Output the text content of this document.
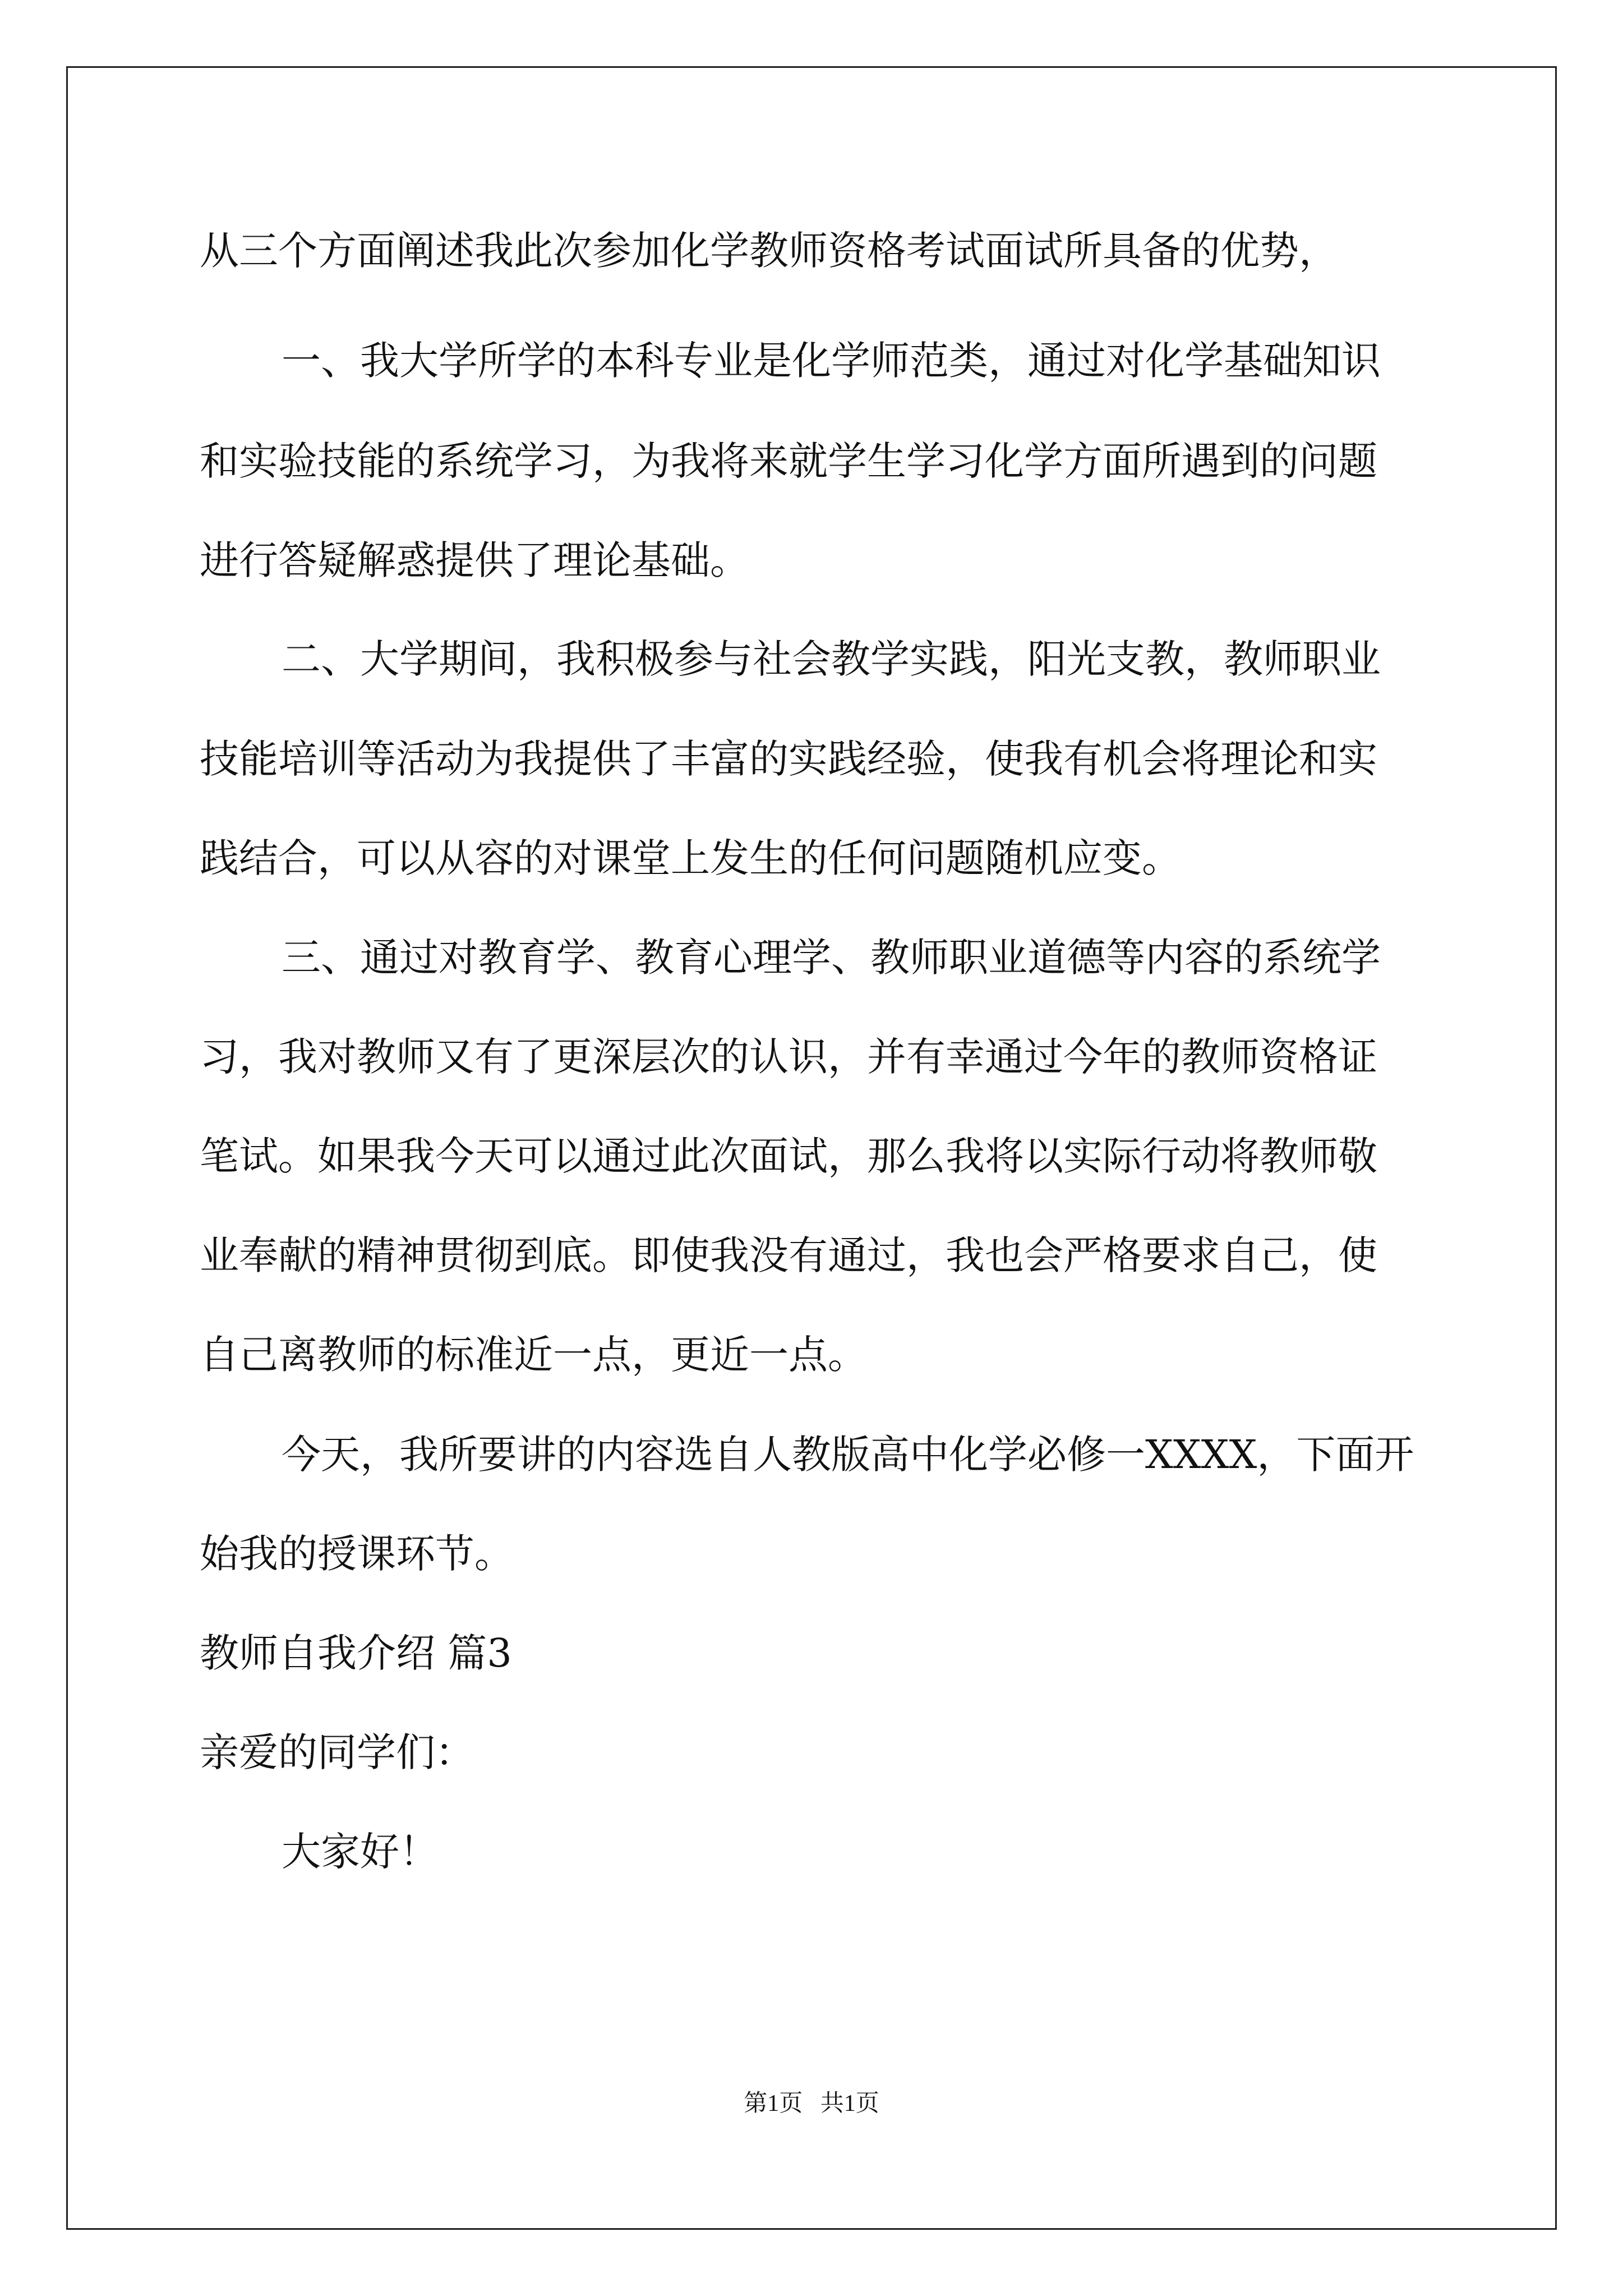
从三个方面阐述我此次参加化学教师资格考试面试所具备的优势，
一、我大学所学的本科专业是化学师范类，通过对化学基础知识
和实验技能的系统学习，为我将来就学生学习化学方面所遇到的问题
进行答疑解惑提供了理论基础。
二、大学期间，我积极参与社会教学实践，阳光支教，教师职业
技能培训等活动为我提供了丰富的实践经验，使我有机会将理论和实
践结合，可以从容的对课堂上发生的任何问题随机应变。
三、通过对教育学、教育心理学、教师职业道德等内容的系统学
习，我对教师又有了更深层次的认识，并有幸通过今年的教师资格证
笔试。如果我今天可以通过此次面试，那么我将以实际行动将教师敬
业奉献的精神贯彻到底。即使我没有通过，我也会严格要求自己，使
自己离教师的标准近一点，更近一点。
今天，我所要讲的内容选自人教版高中化学必修一XXXX，下面开
始我的授课环节。
教师自我介绍 篇3
亲爱的同学们：
大家好！
第1页   共1页
